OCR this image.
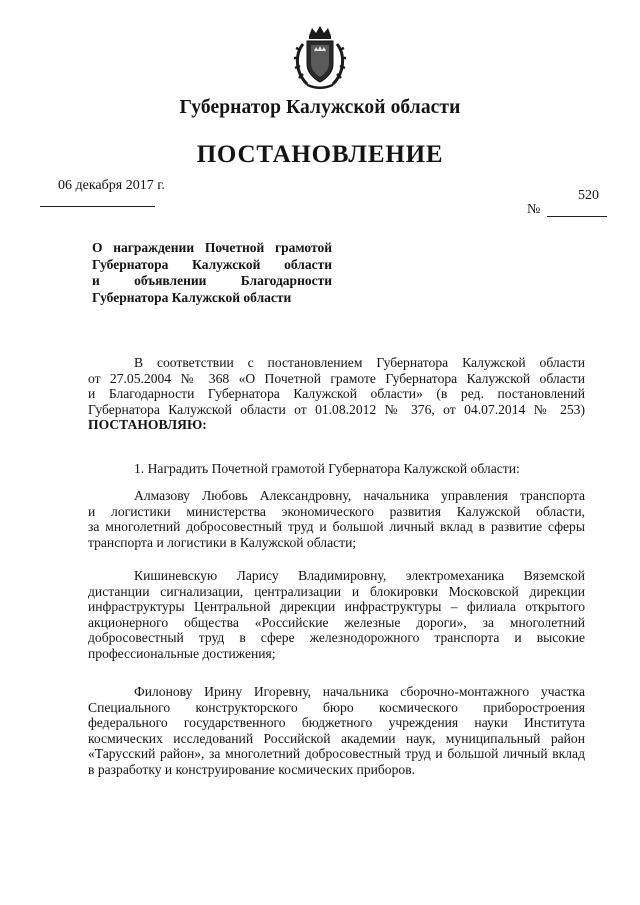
Губернатор Калужской области
ПОСТАНОВЛЕНИЕ
06 декабря 2017 г.
520
№
О награждении Почетной грамотой
Губернатора Калужской области
и объявлении Благодарности
Губернатора Калужской области
В соответствии с постановлением Губернатора Калужской области
от 27.05.2004 № 368 «О Почетной грамоте Губернатора Калужской области
и Благодарности Губернатора Калужской области» (в ред. постановлений
Губернатора Калужской области от 01.08.2012 № 376, от 04.07.2014 № 253)
ПОСТАНОВЛЯЮ:
1. Наградить Почетной грамотой Губернатора Калужской области:
Алмазову Любовь Александровну, начальника управления транспорта
и логистики министерства экономического развития Калужской области,
за многолетний добросовестный труд и большой личный вклад в развитие сферы
транспорта и логистики в Калужской области;
Кишиневскую Ларису Владимировну, электромеханика Вяземской
дистанции сигнализации, централизации и блокировки Московской дирекции
инфраструктуры Центральной дирекции инфраструктуры – филиала открытого
акционерного общества «Российские железные дороги», за многолетний
добросовестный труд в сфере железнодорожного транспорта и высокие
профессиональные достижения;
Филонову Ирину Игоревну, начальника сборочно-монтажного участка
Специального конструкторского бюро космического приборостроения
федерального государственного бюджетного учреждения науки Института
космических исследований Российской академии наук, муниципальный район
«Тарусский район», за многолетний добросовестный труд и большой личный вклад
в разработку и конструирование космических приборов.
